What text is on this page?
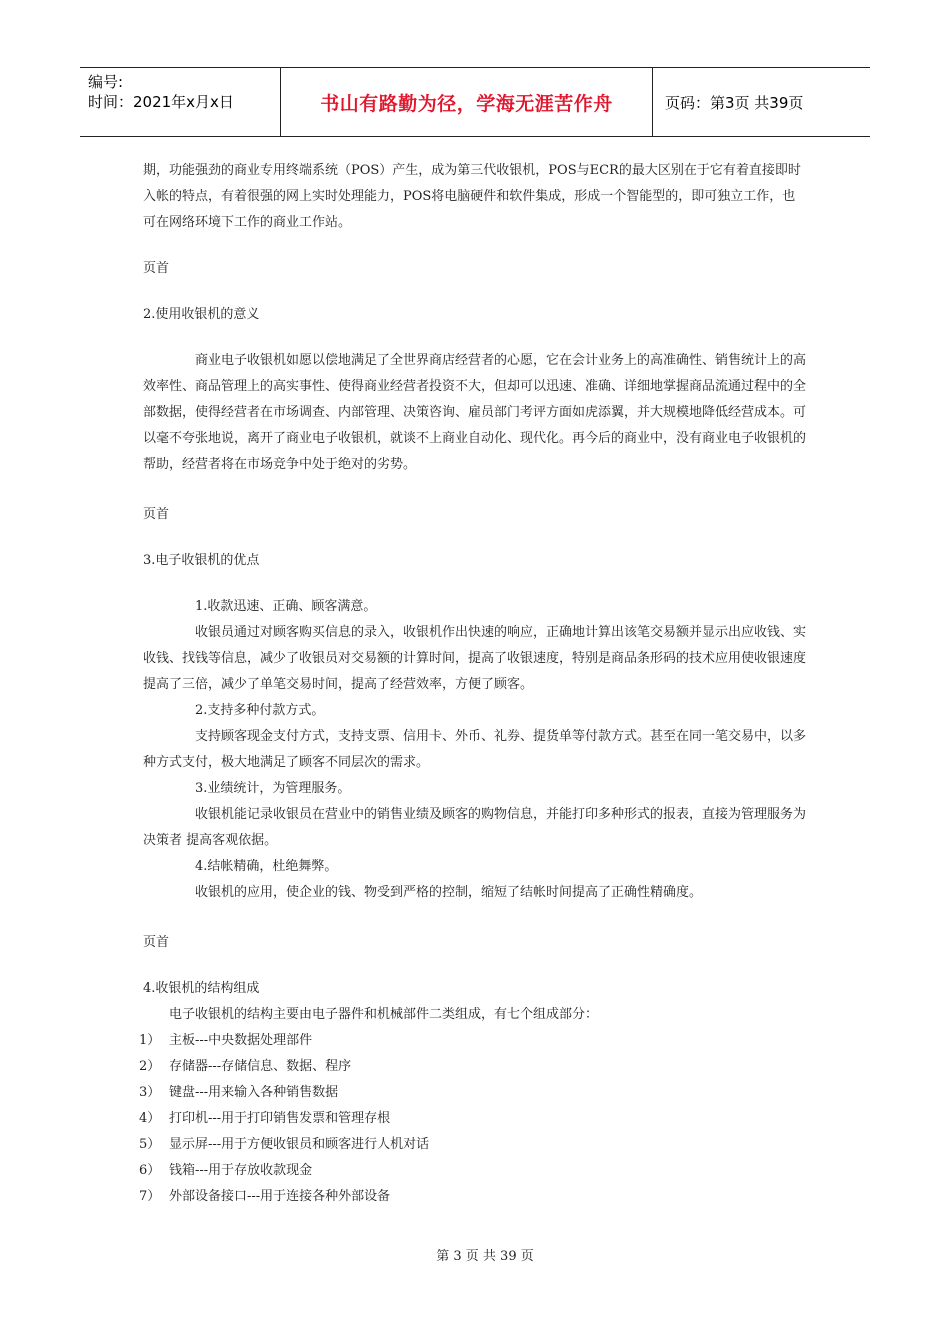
编号:
时间：2021年x月x日	书山有路勤为径，学海无涯苦作舟	页码：第3页 共39页

期，功能强劲的商业专用终端系统（POS）产生，成为第三代收银机，POS与ECR的最大区别在于它有着直接即时入帐的特点，有着很强的网上实时处理能力，POS将电脑硬件和软件集成，形成一个智能型的，即可独立工作，也可在网络环境下工作的商业工作站。

页首

2.使用收银机的意义

商业电子收银机如愿以偿地满足了全世界商店经营者的心愿，它在会计业务上的高准确性、销售统计上的高效率性、商品管理上的高实事性、使得商业经营者投资不大，但却可以迅速、准确、详细地掌握商品流通过程中的全部数据，使得经营者在市场调查、内部管理、决策咨询、雇员部门考评方面如虎添翼，并大规模地降低经营成本。可以毫不夸张地说，离开了商业电子收银机，就谈不上商业自动化、现代化。再今后的商业中，没有商业电子收银机的帮助，经营者将在市场竞争中处于绝对的劣势。

页首

3.电子收银机的优点

1.收款迅速、正确、顾客满意。

收银员通过对顾客购买信息的录入，收银机作出快速的响应，正确地计算出该笔交易额并显示出应收钱、实收钱、找钱等信息，减少了收银员对交易额的计算时间，提高了收银速度，特别是商品条形码的技术应用使收银速度提高了三倍，减少了单笔交易时间，提高了经营效率，方便了顾客。

2.支持多种付款方式。

支持顾客现金支付方式，支持支票、信用卡、外币、礼券、提货单等付款方式。甚至在同一笔交易中，以多种方式支付，极大地满足了顾客不同层次的需求。

3.业绩统计，为管理服务。

收银机能记录收银员在营业中的销售业绩及顾客的购物信息，并能打印多种形式的报表，直接为管理服务为决策者 提高客观依据。

4.结帐精确，杜绝舞弊。

收银机的应用，使企业的钱、物受到严格的控制，缩短了结帐时间提高了正确性精确度。

页首

4.收银机的结构组成

电子收银机的结构主要由电子器件和机械部件二类组成，有七个组成部分：

1） 主板---中央数据处理部件
2） 存储器---存储信息、数据、程序
3） 键盘---用来输入各种销售数据
4） 打印机---用于打印销售发票和管理存根
5） 显示屏---用于方便收银员和顾客进行人机对话
6） 钱箱---用于存放收款现金
7） 外部设备接口---用于连接各种外部设备
第 3 页 共 39 页
